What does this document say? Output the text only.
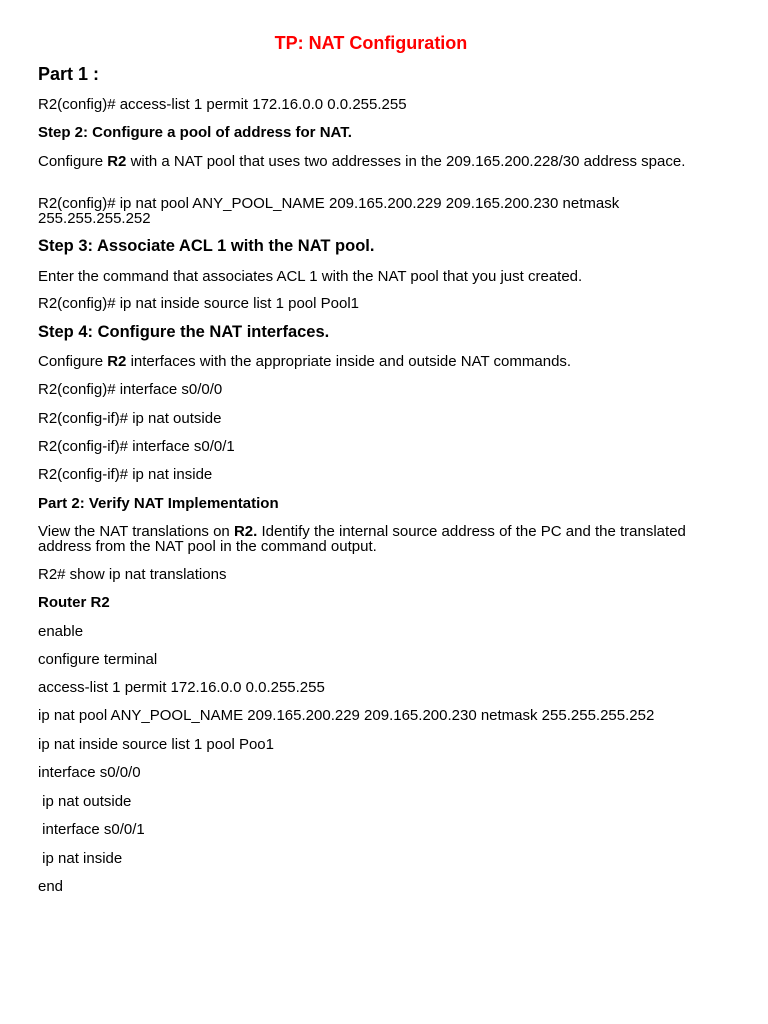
TP: NAT Configuration
Part 1 :
R2(config)# access-list 1 permit 172.16.0.0 0.0.255.255
Step 2: Configure a pool of address for NAT.
Configure R2 with a NAT pool that uses two addresses in the 209.165.200.228/30 address space.
R2(config)# ip nat pool ANY_POOL_NAME 209.165.200.229 209.165.200.230 netmask 255.255.255.252
Step 3: Associate ACL 1 with the NAT pool.
Enter the command that associates ACL 1 with the NAT pool that you just created.
R2(config)# ip nat inside source list 1 pool Pool1
Step 4: Configure the NAT interfaces.
Configure R2 interfaces with the appropriate inside and outside NAT commands.
R2(config)# interface s0/0/0
R2(config-if)# ip nat outside
R2(config-if)# interface s0/0/1
R2(config-if)# ip nat inside
Part 2: Verify NAT Implementation
View the NAT translations on R2. Identify the internal source address of the PC and the translated address from the NAT pool in the command output.
R2# show ip nat translations
Router R2
enable
configure terminal
access-list 1 permit 172.16.0.0 0.0.255.255
ip nat pool ANY_POOL_NAME 209.165.200.229 209.165.200.230 netmask 255.255.255.252
ip nat inside source list 1 pool Poo1
interface s0/0/0
ip nat outside
interface s0/0/1
ip nat inside
end
